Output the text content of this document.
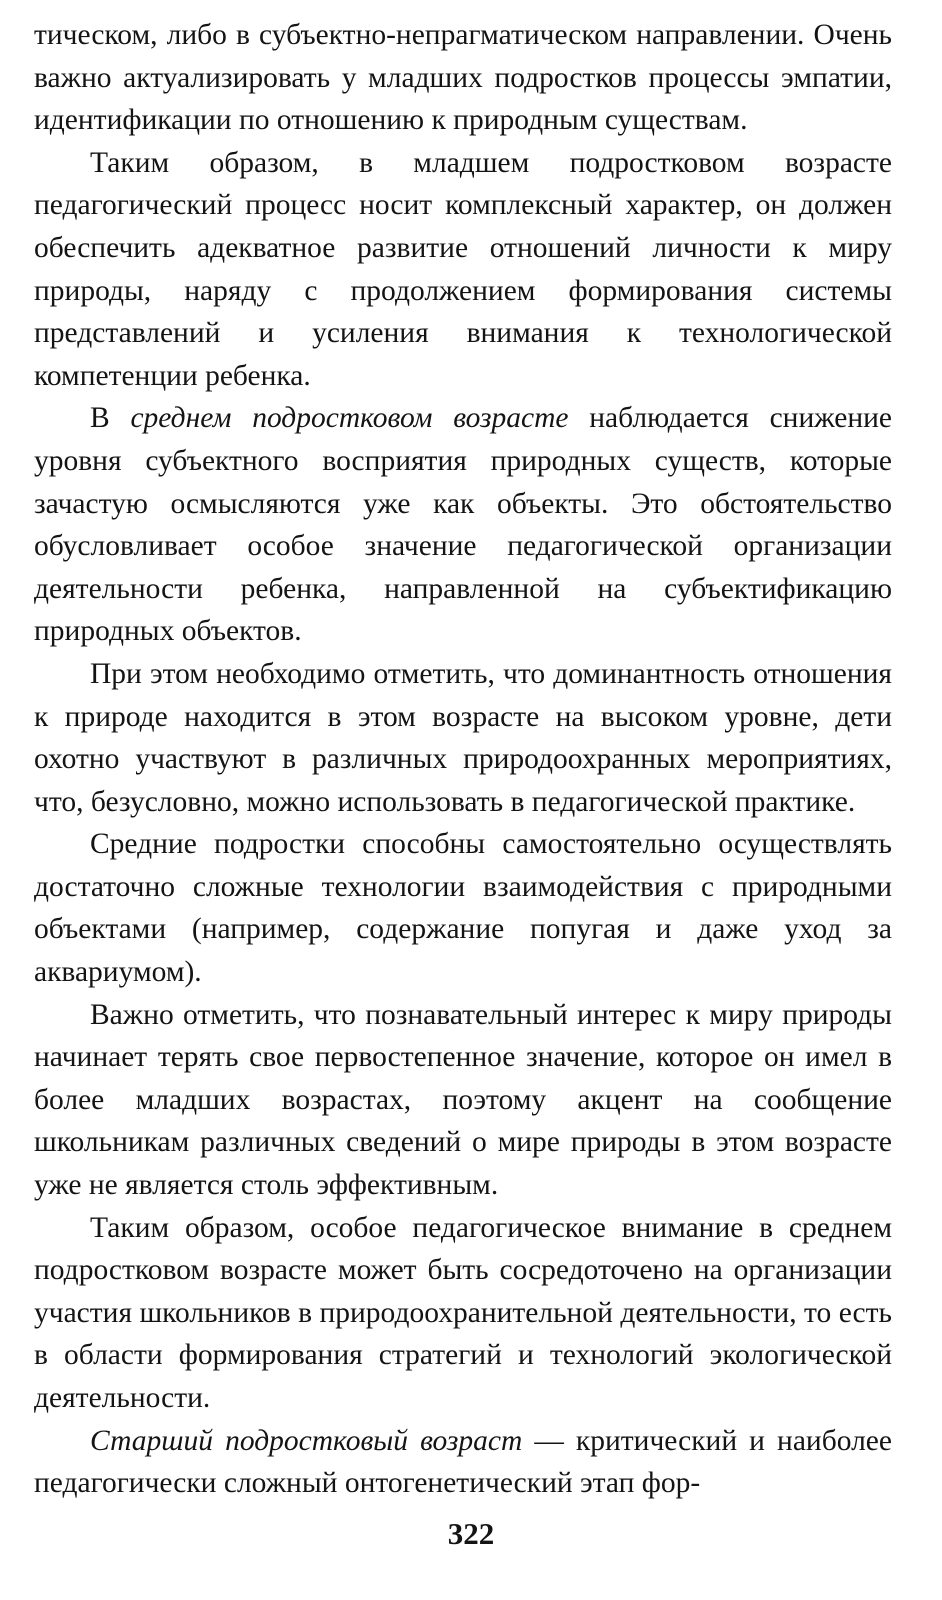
тическом, либо в субъектно-непрагматическом направлении. Очень важно актуализировать у младших подростков процессы эмпатии, идентификации по отношению к природным существам.

Таким образом, в младшем подростковом возрасте педагогический процесс носит комплексный характер, он должен обеспечить адекватное развитие отношений личности к миру природы, наряду с продолжением формирования системы представлений и усиления внимания к технологической компетенции ребенка.

В среднем подростковом возрасте наблюдается снижение уровня субъектного восприятия природных существ, которые зачастую осмысляются уже как объекты. Это обстоятельство обусловливает особое значение педагогической организации деятельности ребенка, направленной на субъектификацию природных объектов.

При этом необходимо отметить, что доминантность отношения к природе находится в этом возрасте на высоком уровне, дети охотно участвуют в различных природоохранных мероприятиях, что, безусловно, можно использовать в педагогической практике.

Средние подростки способны самостоятельно осуществлять достаточно сложные технологии взаимодействия с природными объектами (например, содержание попугая и даже уход за аквариумом).

Важно отметить, что познавательный интерес к миру природы начинает терять свое первостепенное значение, которое он имел в более младших возрастах, поэтому акцент на сообщение школьникам различных сведений о мире природы в этом возрасте уже не является столь эффективным.

Таким образом, особое педагогическое внимание в среднем подростковом возрасте может быть сосредоточено на организации участия школьников в природоохранительной деятельности, то есть в области формирования стратегий и технологий экологической деятельности.

Старший подростковый возраст — критический и наиболее педагогически сложный онтогенетический этап фор-

322
